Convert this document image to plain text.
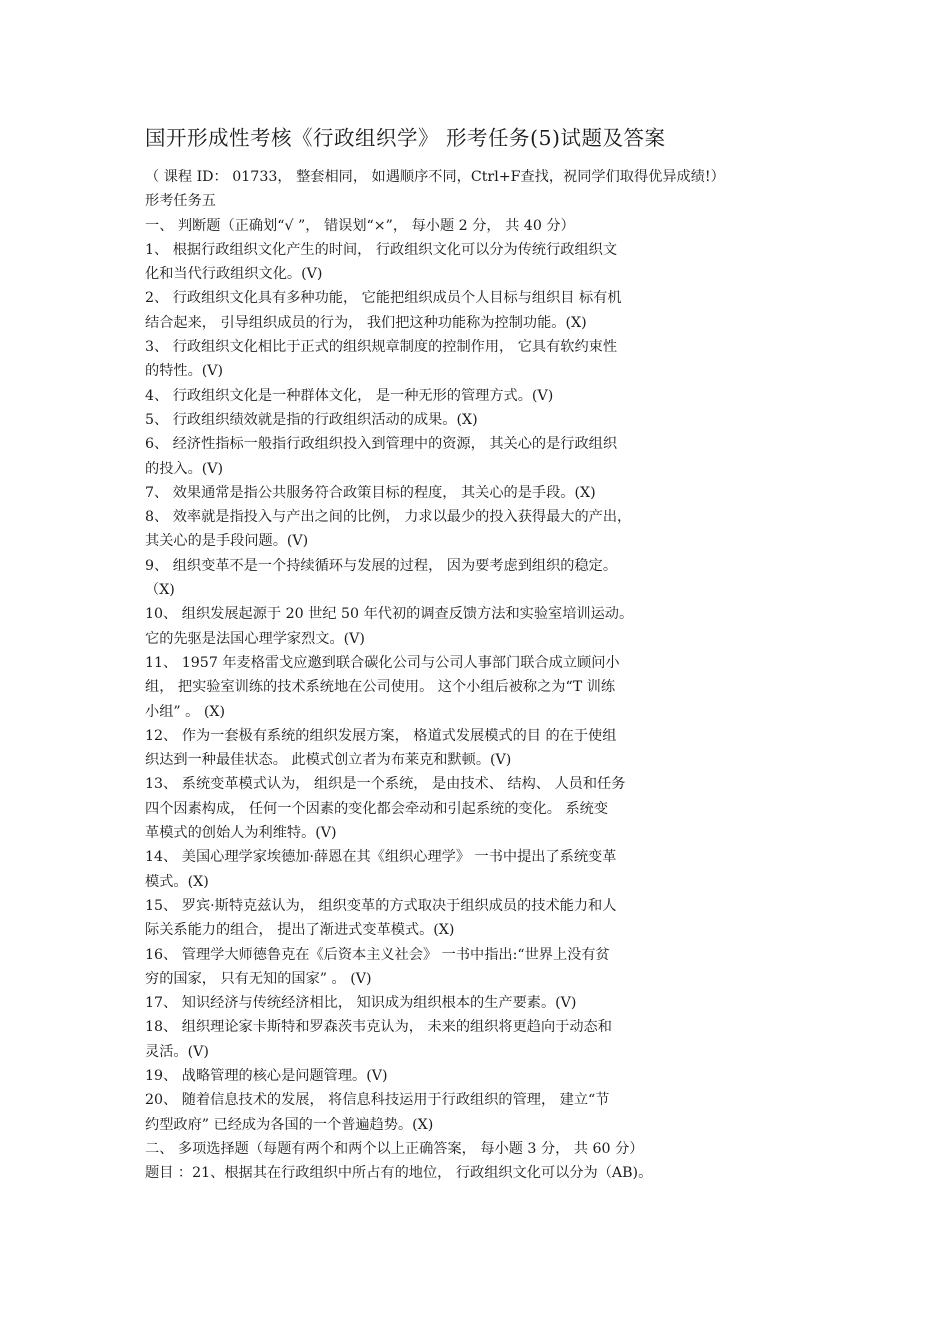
国开形成性考核《行政组织学》 形考任务(5)试题及答案
（ 课程 ID： 01733， 整套相同， 如遇顺序不同，Ctrl+F查找，祝同学们取得优异成绩!）
形考任务五
一、 判断题（正确划“√ ”， 错误划“×”， 每小题 2 分， 共 40 分）
1、 根据行政组织文化产生的时间， 行政组织文化可以分为传统行政组织文
化和当代行政组织文化。(V)
2、 行政组织文化具有多种功能， 它能把组织成员个人目标与组织目 标有机
结合起来， 引导组织成员的行为， 我们把这种功能称为控制功能。(X)
3、 行政组织文化相比于正式的组织规章制度的控制作用， 它具有软约束性
的特性。(V)
4、 行政组织文化是一种群体文化， 是一种无形的管理方式。(V)
5、 行政组织绩效就是指的行政组织活动的成果。(X)
6、 经济性指标一般指行政组织投入到管理中的资源， 其关心的是行政组织
的投入。(V)
7、 效果通常是指公共服务符合政策目标的程度， 其关心的是手段。(X)
8、 效率就是指投入与产出之间的比例， 力求以最少的投入获得最大的产出，
其关心的是手段问题。(V)
9、 组织变革不是一个持续循环与发展的过程， 因为要考虑到组织的稳定。
（X)
10、 组织发展起源于 20 世纪 50 年代初的调查反馈方法和实验室培训运动。
它的先驱是法国心理学家烈文。(V)
11、 1957 年麦格雷戈应邀到联合碳化公司与公司人事部门联合成立顾问小
组， 把实验室训练的技术系统地在公司使用。 这个小组后被称之为“T 训练
小组” 。 (X)
12、 作为一套极有系统的组织发展方案， 格道式发展模式的目 的在于使组
织达到一种最佳状态。 此模式创立者为布莱克和默顿。(V)
13、 系统变革模式认为， 组织是一个系统， 是由技术、 结构、 人员和任务
四个因素构成， 任何一个因素的变化都会牵动和引起系统的变化。 系统变
革模式的创始人为利维特。(V)
14、 美国心理学家埃德加·薛恩在其《组织心理学》 一书中提出了系统变革
模式。(X)
15、 罗宾·斯特克兹认为， 组织变革的方式取决于组织成员的技术能力和人
际关系能力的组合， 提出了渐进式变革模式。(X)
16、 管理学大师德鲁克在《后资本主义社会》 一书中指出:“世界上没有贫
穷的国家， 只有无知的国家” 。 (V)
17、 知识经济与传统经济相比， 知识成为组织根本的生产要素。(V)
18、 组织理论家卡斯特和罗森茨韦克认为， 未来的组织将更趋向于动态和
灵活。(V)
19、 战略管理的核心是问题管理。(V)
20、 随着信息技术的发展， 将信息科技运用于行政组织的管理， 建立“节
约型政府” 已经成为各国的一个普遍趋势。(X)
二、 多项选择题（每题有两个和两个以上正确答案， 每小题 3 分， 共 60 分）
题目 ：21、根据其在行政组织中所占有的地位， 行政组织文化可以分为（AB)。
